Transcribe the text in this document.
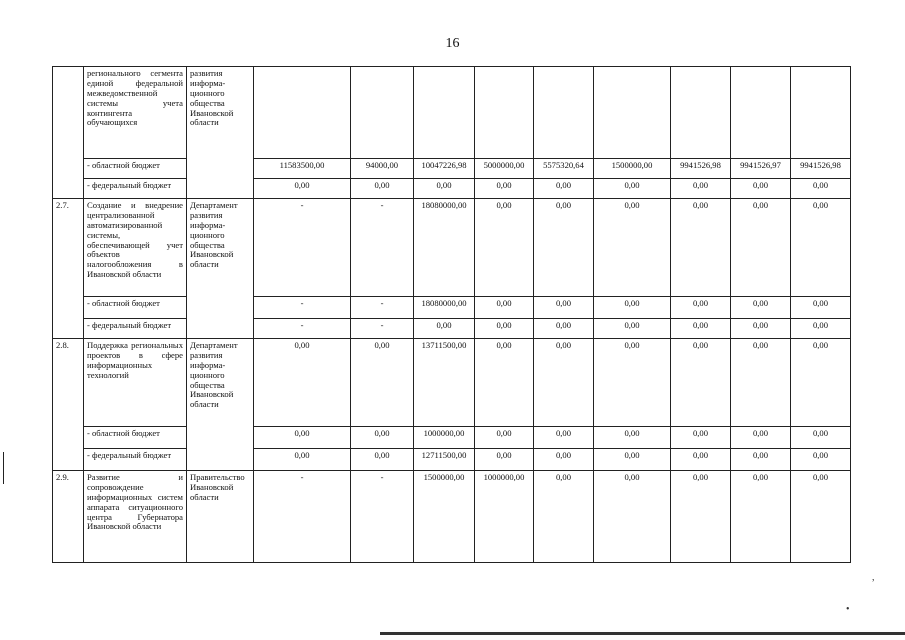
16
	регионального сегмента единой федеральной межведомственной системы учета контингента обучающихся	развития информа- ционного общества Ивановской области									
	- областной бюджет		11583500,00	94000,00	10047226,98	5000000,00	5575320,64	1500000,00	9941526,98	9941526,97	9941526,98
	- федеральный бюджет		0,00	0,00	0,00	0,00	0,00	0,00	0,00	0,00	0,00
2.7.	Создание и внедрение централизованной автоматизированной системы, обеспечивающей учет объектов налогообложения в Ивановской области	Департамент развития информа- ционного общества Ивановской области	-	-	18080000,00	0,00	0,00	0,00	0,00	0,00	0,00
	- областной бюджет		-	-	18080000,00	0,00	0,00	0,00	0,00	0,00	0,00
	- федеральный бюджет		-	-	0,00	0,00	0,00	0,00	0,00	0,00	0,00
2.8.	Поддержка региональных проектов в сфере информационных технологий	Департамент развития информа- ционного общества Ивановской области	0,00	0,00	13711500,00	0,00	0,00	0,00	0,00	0,00	0,00
	- областной бюджет		0,00	0,00	1000000,00	0,00	0,00	0,00	0,00	0,00	0,00
	- федеральный бюджет		0,00	0,00	12711500,00	0,00	0,00	0,00	0,00	0,00	0,00
2.9.	Развитие и сопровождение информационных систем аппарата ситуационного центра Губернатора Ивановской области	Правительство Ивановской области	-	-	1500000,00	1000000,00	0,00	0,00	0,00	0,00	0,00
,
•
